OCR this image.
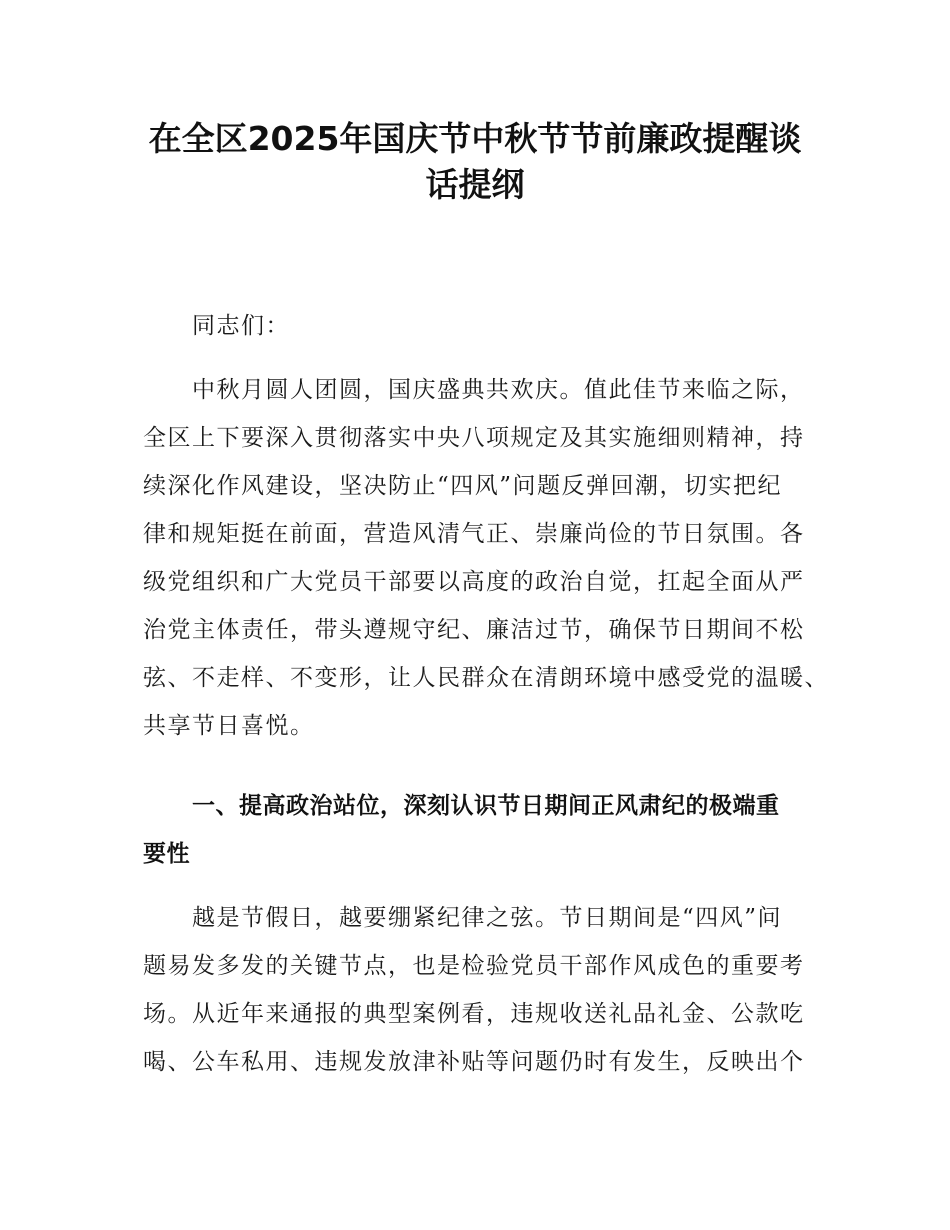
在全区2025年国庆节中秋节节前廉政提醒谈
话提纲
同志们：
中秋月圆人团圆，国庆盛典共欢庆。值此佳节来临之际，
全区上下要深入贯彻落实中央八项规定及其实施细则精神，持
续深化作风建设，坚决防止“四风”问题反弹回潮，切实把纪
律和规矩挺在前面，营造风清气正、崇廉尚俭的节日氛围。各
级党组织和广大党员干部要以高度的政治自觉，扛起全面从严
治党主体责任，带头遵规守纪、廉洁过节，确保节日期间不松
弦、不走样、不变形，让人民群众在清朗环境中感受党的温暖、
共享节日喜悦。
一、提高政治站位，深刻认识节日期间正风肃纪的极端重
要性
越是节假日，越要绷紧纪律之弦。节日期间是“四风”问
题易发多发的关键节点，也是检验党员干部作风成色的重要考
场。从近年来通报的典型案例看，违规收送礼品礼金、公款吃
喝、公车私用、违规发放津补贴等问题仍时有发生，反映出个
